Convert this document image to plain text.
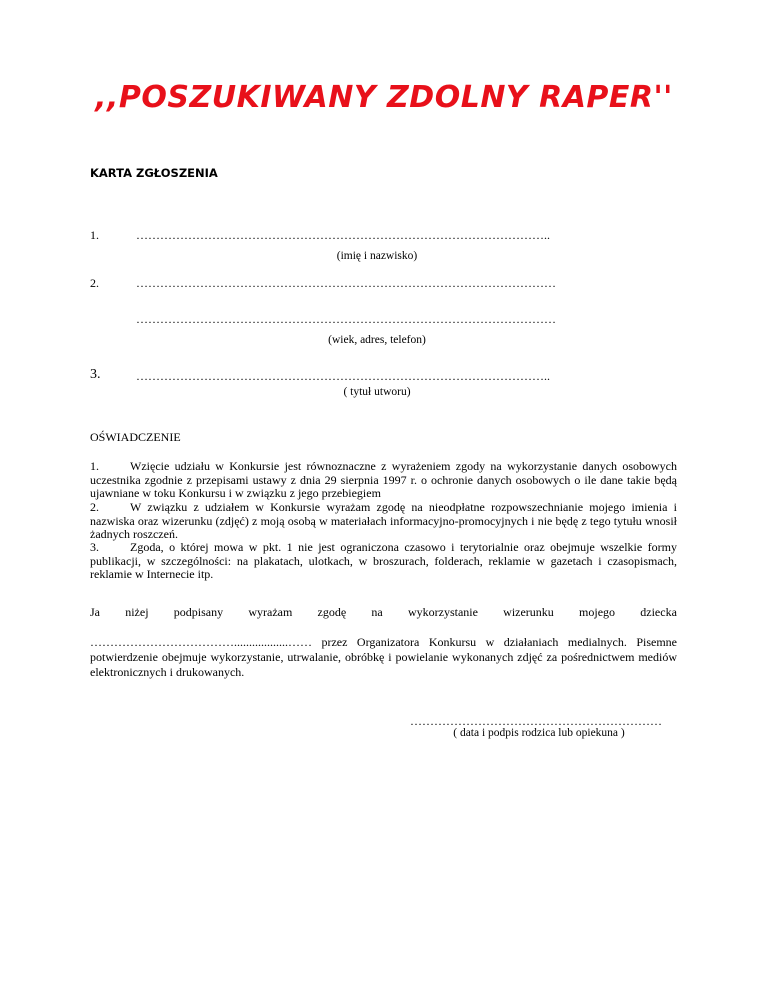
,,POSZUKIWANY ZDOLNY RAPER''
KARTA ZGŁOSZENIA
1.	…………………………………………………………………………………………..
(imię i nazwisko)
2.	……………………………………………………………………………………………
……………………………………………………………………………………………
(wiek, adres, telefon)
3.	…………………………………………………………………………………………..
( tytuł utworu)
OŚWIADCZENIE
1.	Wzięcie udziału w Konkursie jest równoznaczne z wyrażeniem zgody na wykorzystanie danych osobowych uczestnika zgodnie z przepisami ustawy z dnia 29 sierpnia 1997 r. o ochronie danych osobowych o ile dane takie będą ujawniane w toku Konkursu i w związku z jego przebiegiem
2.	W związku z udziałem w Konkursie wyrażam zgodę na nieodpłatne rozpowszechnianie mojego imienia i nazwiska oraz wizerunku (zdjęć) z moją osobą w materiałach informacyjno-promocyjnych i nie będę z tego tytułu wnosił żadnych roszczeń.
3.	Zgoda, o której mowa w pkt. 1 nie jest ograniczona czasowo i terytorialnie oraz obejmuje wszelkie formy publikacji, w szczególności: na plakatach, ulotkach, w broszurach, folderach, reklamie w gazetach i czasopismach, reklamie w Internecie itp.
Ja niżej podpisany wyrażam zgodę na wykorzystanie wizerunku mojego dziecka
………………………………..................…… przez Organizatora Konkursu w działaniach medialnych. Pisemne potwierdzenie obejmuje wykorzystanie, utrwalanie, obróbkę i powielanie wykonanych zdjęć za pośrednictwem mediów elektronicznych i drukowanych.
………………………………………………………
( data i podpis rodzica lub opiekuna )
